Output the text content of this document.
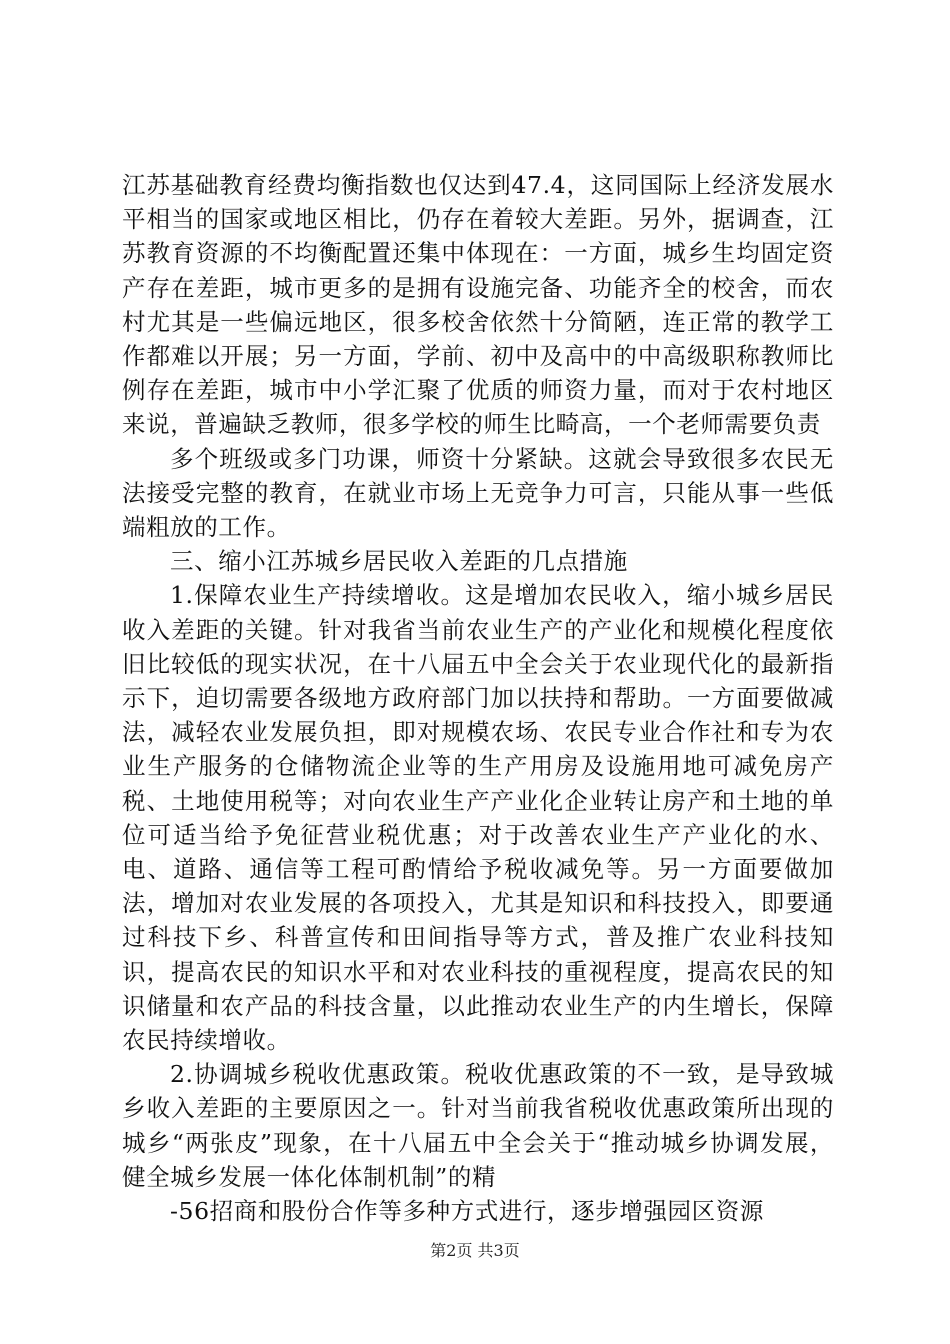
江苏基础教育经费均衡指数也仅达到47.4，这同国际上经济发展水平相当的国家或地区相比，仍存在着较大差距。另外，据调查，江苏教育资源的不均衡配置还集中体现在：一方面，城乡生均固定资产存在差距，城市更多的是拥有设施完备、功能齐全的校舍，而农村尤其是一些偏远地区，很多校舍依然十分简陋，连正常的教学工作都难以开展；另一方面，学前、初中及高中的中高级职称教师比例存在差距，城市中小学汇聚了优质的师资力量，而对于农村地区来说，普遍缺乏教师，很多学校的师生比畸高，一个老师需要负责

多个班级或多门功课，师资十分紧缺。这就会导致很多农民无法接受完整的教育，在就业市场上无竞争力可言，只能从事一些低端粗放的工作。

三、缩小江苏城乡居民收入差距的几点措施

1.保障农业生产持续增收。这是增加农民收入，缩小城乡居民收入差距的关键。针对我省当前农业生产的产业化和规模化程度依旧比较低的现实状况，在十八届五中全会关于农业现代化的最新指示下，迫切需要各级地方政府部门加以扶持和帮助。一方面要做减法，减轻农业发展负担，即对规模农场、农民专业合作社和专为农业生产服务的仓储物流企业等的生产用房及设施用地可减免房产税、土地使用税等；对向农业生产产业化企业转让房产和土地的单位可适当给予免征营业税优惠；对于改善农业生产产业化的水、电、道路、通信等工程可酌情给予税收减免等。另一方面要做加法，增加对农业发展的各项投入，尤其是知识和科技投入，即要通过科技下乡、科普宣传和田间指导等方式，普及推广农业科技知识，提高农民的知识水平和对农业科技的重视程度，提高农民的知识储量和农产品的科技含量，以此推动农业生产的内生增长，保障农民持续增收。

2.协调城乡税收优惠政策。税收优惠政策的不一致，是导致城乡收入差距的主要原因之一。针对当前我省税收优惠政策所出现的城乡“两张皮”现象，在十八届五中全会关于“推动城乡协调发展，健全城乡发展一体化体制机制”的精

-56招商和股份合作等多种方式进行，逐步增强园区资源

第2页 共3页
